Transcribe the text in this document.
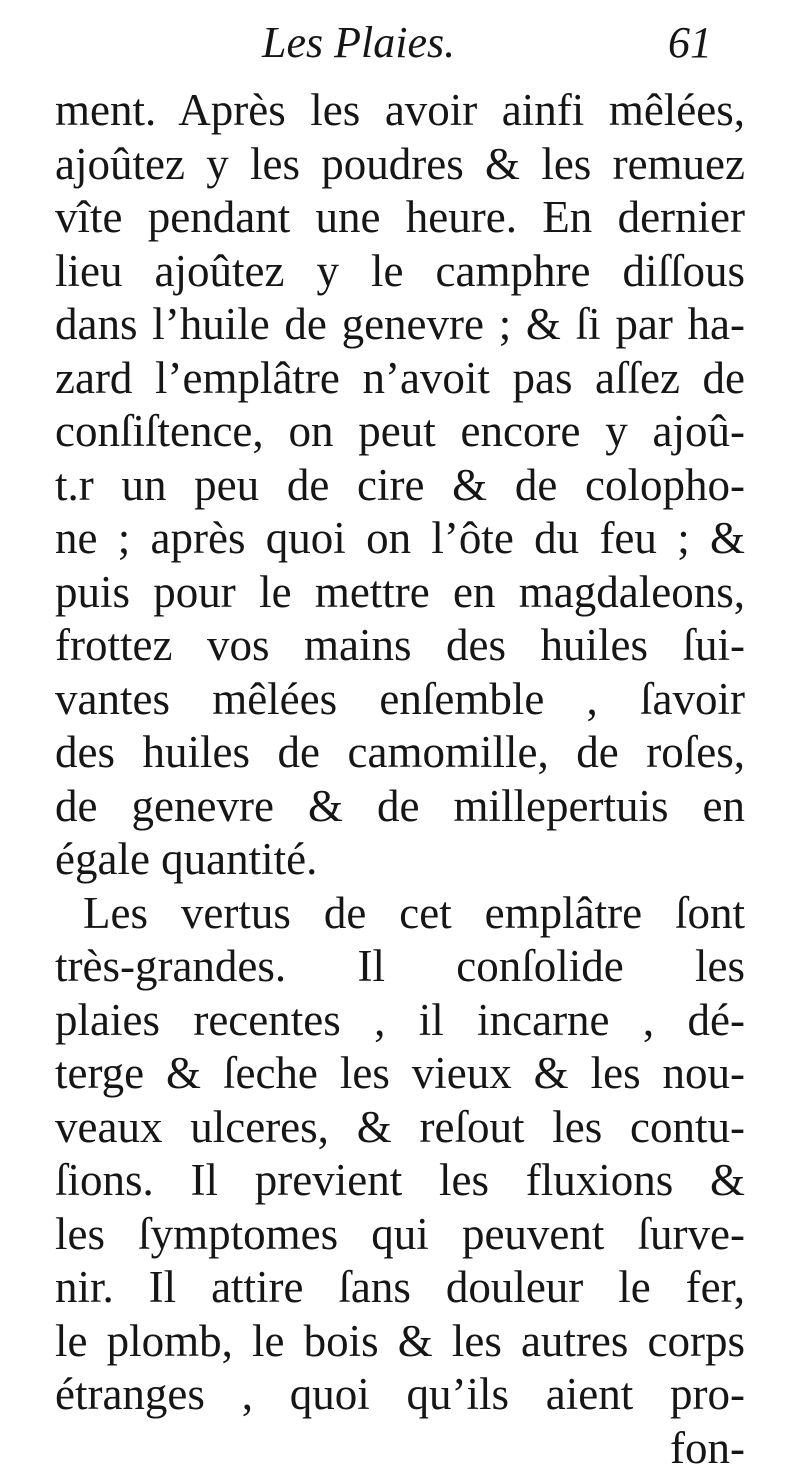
Les Plaies.	61
ment. Après les avoir ainfi mêlées,
ajoûtez y les poudres & les remuez
vîte pendant une heure. En dernier
lieu ajoûtez y le camphre diſſous
dans l’huile de genevre ; & ſi par ha-
zard l’emplâtre n’avoit pas aſſez de
conſiſtence, on peut encore y ajoû-
t.r un peu de cire & de colopho-
ne ; après quoi on l’ôte du feu ; &
puis pour le mettre en magdaleons,
frottez vos mains des huiles ſui-
vantes mêlées enſemble , ſavoir
des huiles de camomille, de roſes,
de genevre & de millepertuis en
égale quantité.
Les vertus de cet emplâtre ſont
très-grandes. Il conſolide les
plaies recentes , il incarne , dé-
terge & ſeche les vieux & les nou-
veaux ulceres, & reſout les contu-
ſions. Il previent les fluxions &
les ſymptomes qui peuvent ſurve-
nir. Il attire ſans douleur le fer,
le plomb, le bois & les autres corps
étranges , quoi qu’ils aient pro-
fon-
